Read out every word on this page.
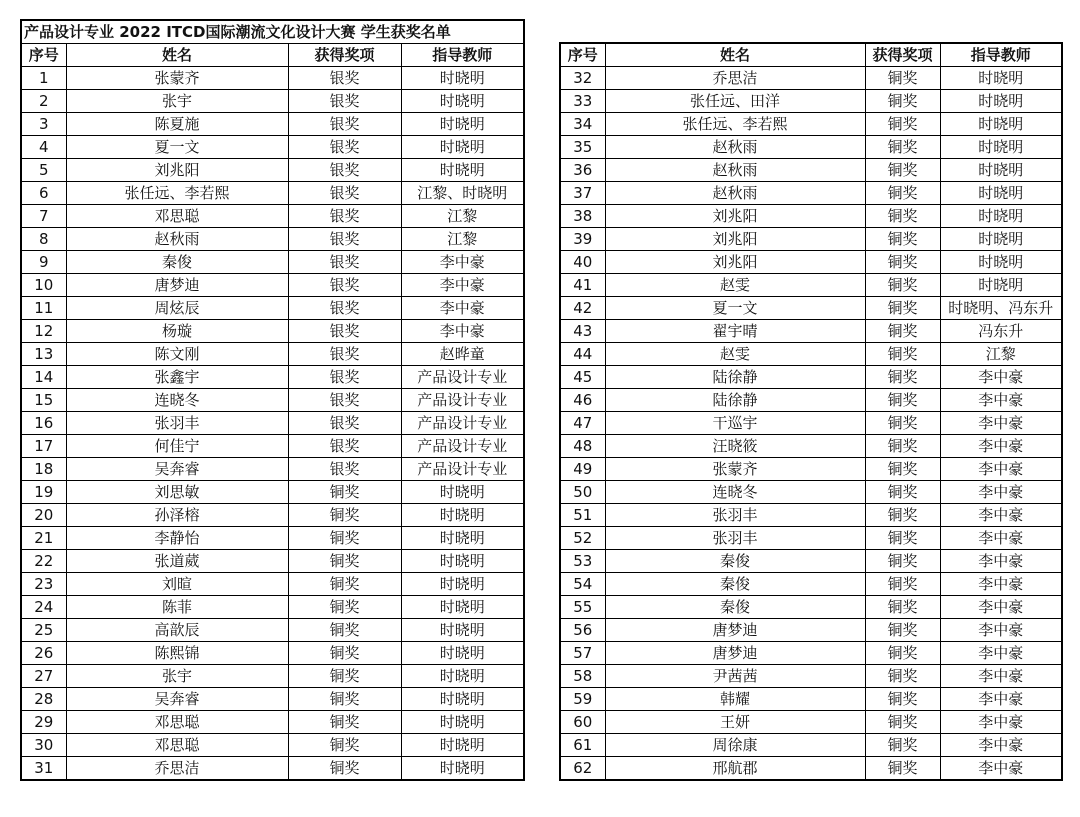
产品设计专业 2022 ITCD国际潮流文化设计大赛 学生获奖名单			
序号	姓名	获得奖项	指导教师
1	张蒙齐	银奖	时晓明
2	张宇	银奖	时晓明
3	陈夏施	银奖	时晓明
4	夏一文	银奖	时晓明
5	刘兆阳	银奖	时晓明
6	张任远、李若熙	银奖	江黎、时晓明
7	邓思聪	银奖	江黎
8	赵秋雨	银奖	江黎
9	秦俊	银奖	李中豪
10	唐梦迪	银奖	李中豪
11	周炫辰	银奖	李中豪
12	杨璇	银奖	李中豪
13	陈文刚	银奖	赵晔童
14	张鑫宇	银奖	产品设计专业
15	连晓冬	银奖	产品设计专业
16	张羽丰	银奖	产品设计专业
17	何佳宁	银奖	产品设计专业
18	吴奔睿	银奖	产品设计专业
19	刘思敏	铜奖	时晓明
20	孙泽榕	铜奖	时晓明
21	李静怡	铜奖	时晓明
22	张道葳	铜奖	时晓明
23	刘暄	铜奖	时晓明
24	陈菲	铜奖	时晓明
25	高歆辰	铜奖	时晓明
26	陈熙锦	铜奖	时晓明
27	张宇	铜奖	时晓明
28	吴奔睿	铜奖	时晓明
29	邓思聪	铜奖	时晓明
30	邓思聪	铜奖	时晓明
31	乔思洁	铜奖	时晓明
序号	姓名	获得奖项	指导教师
32	乔思洁	铜奖	时晓明
33	张任远、田洋	铜奖	时晓明
34	张任远、李若熙	铜奖	时晓明
35	赵秋雨	铜奖	时晓明
36	赵秋雨	铜奖	时晓明
37	赵秋雨	铜奖	时晓明
38	刘兆阳	铜奖	时晓明
39	刘兆阳	铜奖	时晓明
40	刘兆阳	铜奖	时晓明
41	赵雯	铜奖	时晓明
42	夏一文	铜奖	时晓明、冯东升
43	翟宇晴	铜奖	冯东升
44	赵雯	铜奖	江黎
45	陆徐静	铜奖	李中豪
46	陆徐静	铜奖	李中豪
47	干巡宇	铜奖	李中豪
48	汪晓筱	铜奖	李中豪
49	张蒙齐	铜奖	李中豪
50	连晓冬	铜奖	李中豪
51	张羽丰	铜奖	李中豪
52	张羽丰	铜奖	李中豪
53	秦俊	铜奖	李中豪
54	秦俊	铜奖	李中豪
55	秦俊	铜奖	李中豪
56	唐梦迪	铜奖	李中豪
57	唐梦迪	铜奖	李中豪
58	尹茜茜	铜奖	李中豪
59	韩耀	铜奖	李中豪
60	王妍	铜奖	李中豪
61	周徐康	铜奖	李中豪
62	邢航郡	铜奖	李中豪
